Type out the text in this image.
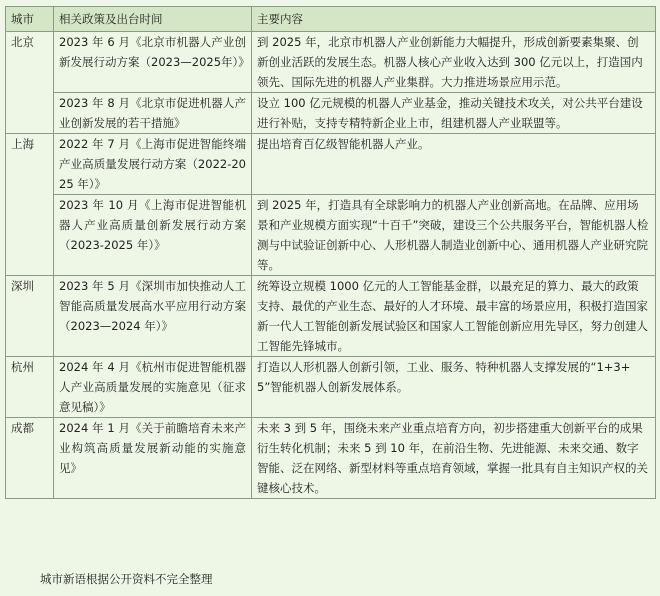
城市	相关政策及出台时间	主要内容
北京	2023 年 6 月《北京市机器人产业创新发展行动方案（2023—2025年）》	到 2025 年，北京市机器人产业创新能力大幅提升，形成创新要素集聚、创新创业活跃的发展生态。机器人核心产业收入达到 300 亿元以上，打造国内领先、国际先进的机器人产业集群。大力推进场景应用示范。
	2023 年 8 月《北京市促进机器人产业创新发展的若干措施》	设立 100 亿元规模的机器人产业基金，推动关键技术攻关，对公共平台建设进行补贴，支持专精特新企业上市，组建机器人产业联盟等。
上海	2022 年 7 月《上海市促进智能终端产业高质量发展行动方案（2022-2025 年）》	提出培育百亿级智能机器人产业。
	2023 年 10 月《上海市促进智能机器人产业高质量创新发展行动方案（2023-2025 年）》	到 2025 年，打造具有全球影响力的机器人产业创新高地。在品牌、应用场景和产业规模方面实现“十百千”突破，建设三个公共服务平台，智能机器人检测与中试验证创新中心、人形机器人制造业创新中心、通用机器人产业研究院等。
深圳	2023 年 5 月《深圳市加快推动人工智能高质量发展高水平应用行动方案（2023—2024 年）》	统筹设立规模 1000 亿元的人工智能基金群，以最充足的算力、最大的政策支持、最优的产业生态、最好的人才环境、最丰富的场景应用，积极打造国家新一代人工智能创新发展试验区和国家人工智能创新应用先导区，努力创建人工智能先锋城市。
杭州	2024 年 4 月《杭州市促进智能机器人产业高质量发展的实施意见（征求意见稿）》	打造以人形机器人创新引领，工业、服务、特种机器人支撑发展的“1+3+5”智能机器人创新发展体系。
成都	2024 年 1 月《关于前瞻培育未来产业构筑高质量发展新动能的实施意见》	未来 3 到 5 年，围绕未来产业重点培育方向，初步搭建重大创新平台的成果衍生转化机制；未来 5 到 10 年，在前沿生物、先进能源、未来交通、数字智能、泛在网络、新型材料等重点培育领域，掌握一批具有自主知识产权的关键核心技术。
城市新语根据公开资料不完全整理
